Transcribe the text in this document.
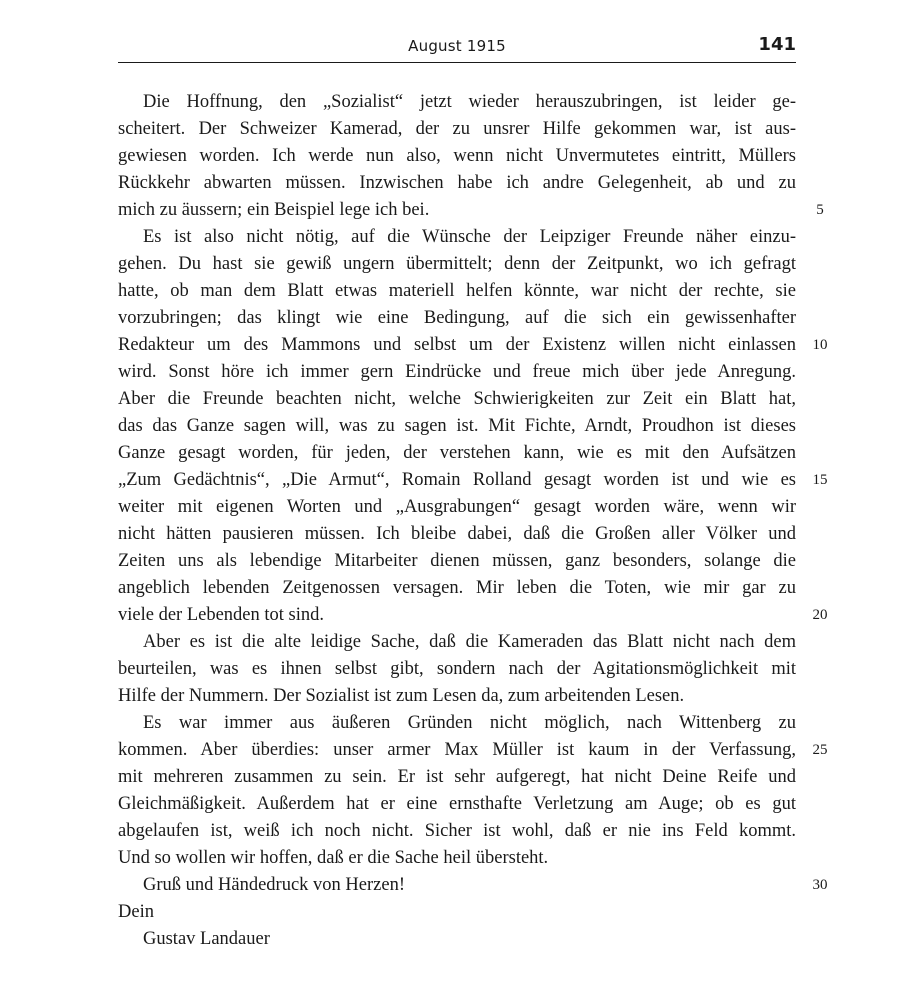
August 1915	141
Die Hoffnung, den „Sozialist“ jetzt wieder herauszubringen, ist leider ge-
scheitert. Der Schweizer Kamerad, der zu unsrer Hilfe gekommen war, ist aus-
gewiesen worden. Ich werde nun also, wenn nicht Unvermutetes eintritt, Müllers
Rückkehr abwarten müssen. Inzwischen habe ich andre Gelegenheit, ab und zu
mich zu äussern; ein Beispiel lege ich bei.
Es ist also nicht nötig, auf die Wünsche der Leipziger Freunde näher einzu-
gehen. Du hast sie gewiß ungern übermittelt; denn der Zeitpunkt, wo ich gefragt
hatte, ob man dem Blatt etwas materiell helfen könnte, war nicht der rechte, sie
vorzubringen; das klingt wie eine Bedingung, auf die sich ein gewissenhafter
Redakteur um des Mammons und selbst um der Existenz willen nicht einlassen
wird. Sonst höre ich immer gern Eindrücke und freue mich über jede Anregung.
Aber die Freunde beachten nicht, welche Schwierigkeiten zur Zeit ein Blatt hat,
das das Ganze sagen will, was zu sagen ist. Mit Fichte, Arndt, Proudhon ist dieses
Ganze gesagt worden, für jeden, der verstehen kann, wie es mit den Aufsätzen
„Zum Gedächtnis“, „Die Armut“, Romain Rolland gesagt worden ist und wie es
weiter mit eigenen Worten und „Ausgrabungen“ gesagt worden wäre, wenn wir
nicht hätten pausieren müssen. Ich bleibe dabei, daß die Großen aller Völker und
Zeiten uns als lebendige Mitarbeiter dienen müssen, ganz besonders, solange die
angeblich lebenden Zeitgenossen versagen. Mir leben die Toten, wie mir gar zu
viele der Lebenden tot sind.
Aber es ist die alte leidige Sache, daß die Kameraden das Blatt nicht nach dem
beurteilen, was es ihnen selbst gibt, sondern nach der Agitationsmöglichkeit mit
Hilfe der Nummern. Der Sozialist ist zum Lesen da, zum arbeitenden Lesen.
Es war immer aus äußeren Gründen nicht möglich, nach Wittenberg zu
kommen. Aber überdies: unser armer Max Müller ist kaum in der Verfassung,
mit mehreren zusammen zu sein. Er ist sehr aufgeregt, hat nicht Deine Reife und
Gleichmäßigkeit. Außerdem hat er eine ernsthafte Verletzung am Auge; ob es gut
abgelaufen ist, weiß ich noch nicht. Sicher ist wohl, daß er nie ins Feld kommt.
Und so wollen wir hoffen, daß er die Sache heil übersteht.
Gruß und Händedruck von Herzen!
Dein
Gustav Landauer
5
10
15
20
25
30
